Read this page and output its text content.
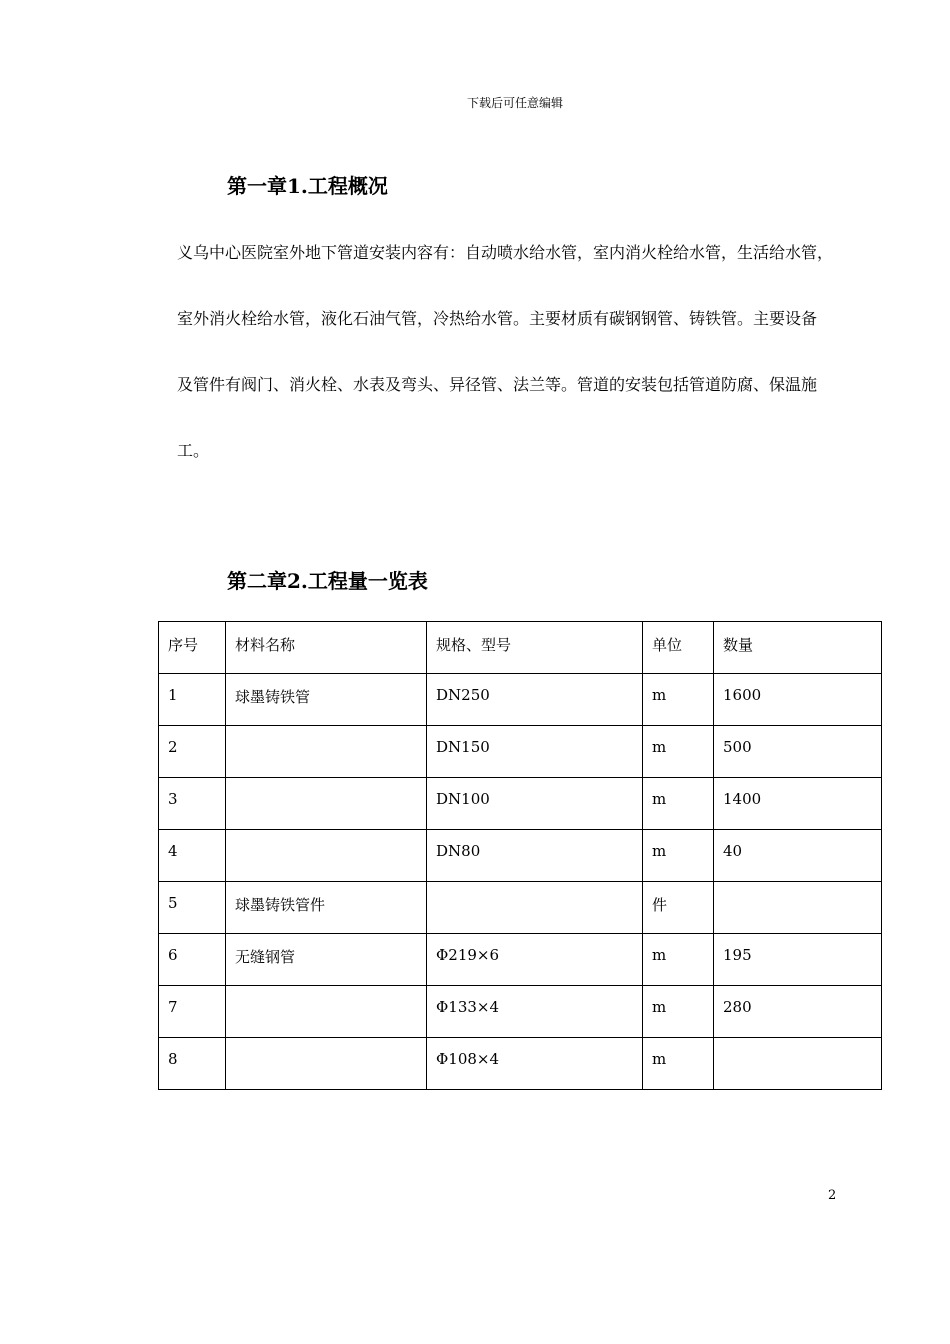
下载后可任意编辑
第一章1.工程概况
义乌中心医院室外地下管道安装内容有：自动喷水给水管，室内消火栓给水管，生活给水管，
室外消火栓给水管，液化石油气管，冷热给水管。主要材质有碳钢钢管、铸铁管。主要设备
及管件有阀门、消火栓、水表及弯头、异径管、法兰等。管道的安装包括管道防腐、保温施
工。
第二章2.工程量一览表
序号	材料名称	规格、型号	单位	数量
1	球墨铸铁管	DN250	m	1600
2		DN150	m	500
3		DN100	m	1400
4		DN80	m	40
5	球墨铸铁管件		件	
6	无缝钢管	Φ219×6	m	195
7		Φ133×4	m	280
8		Φ108×4	m	
2
